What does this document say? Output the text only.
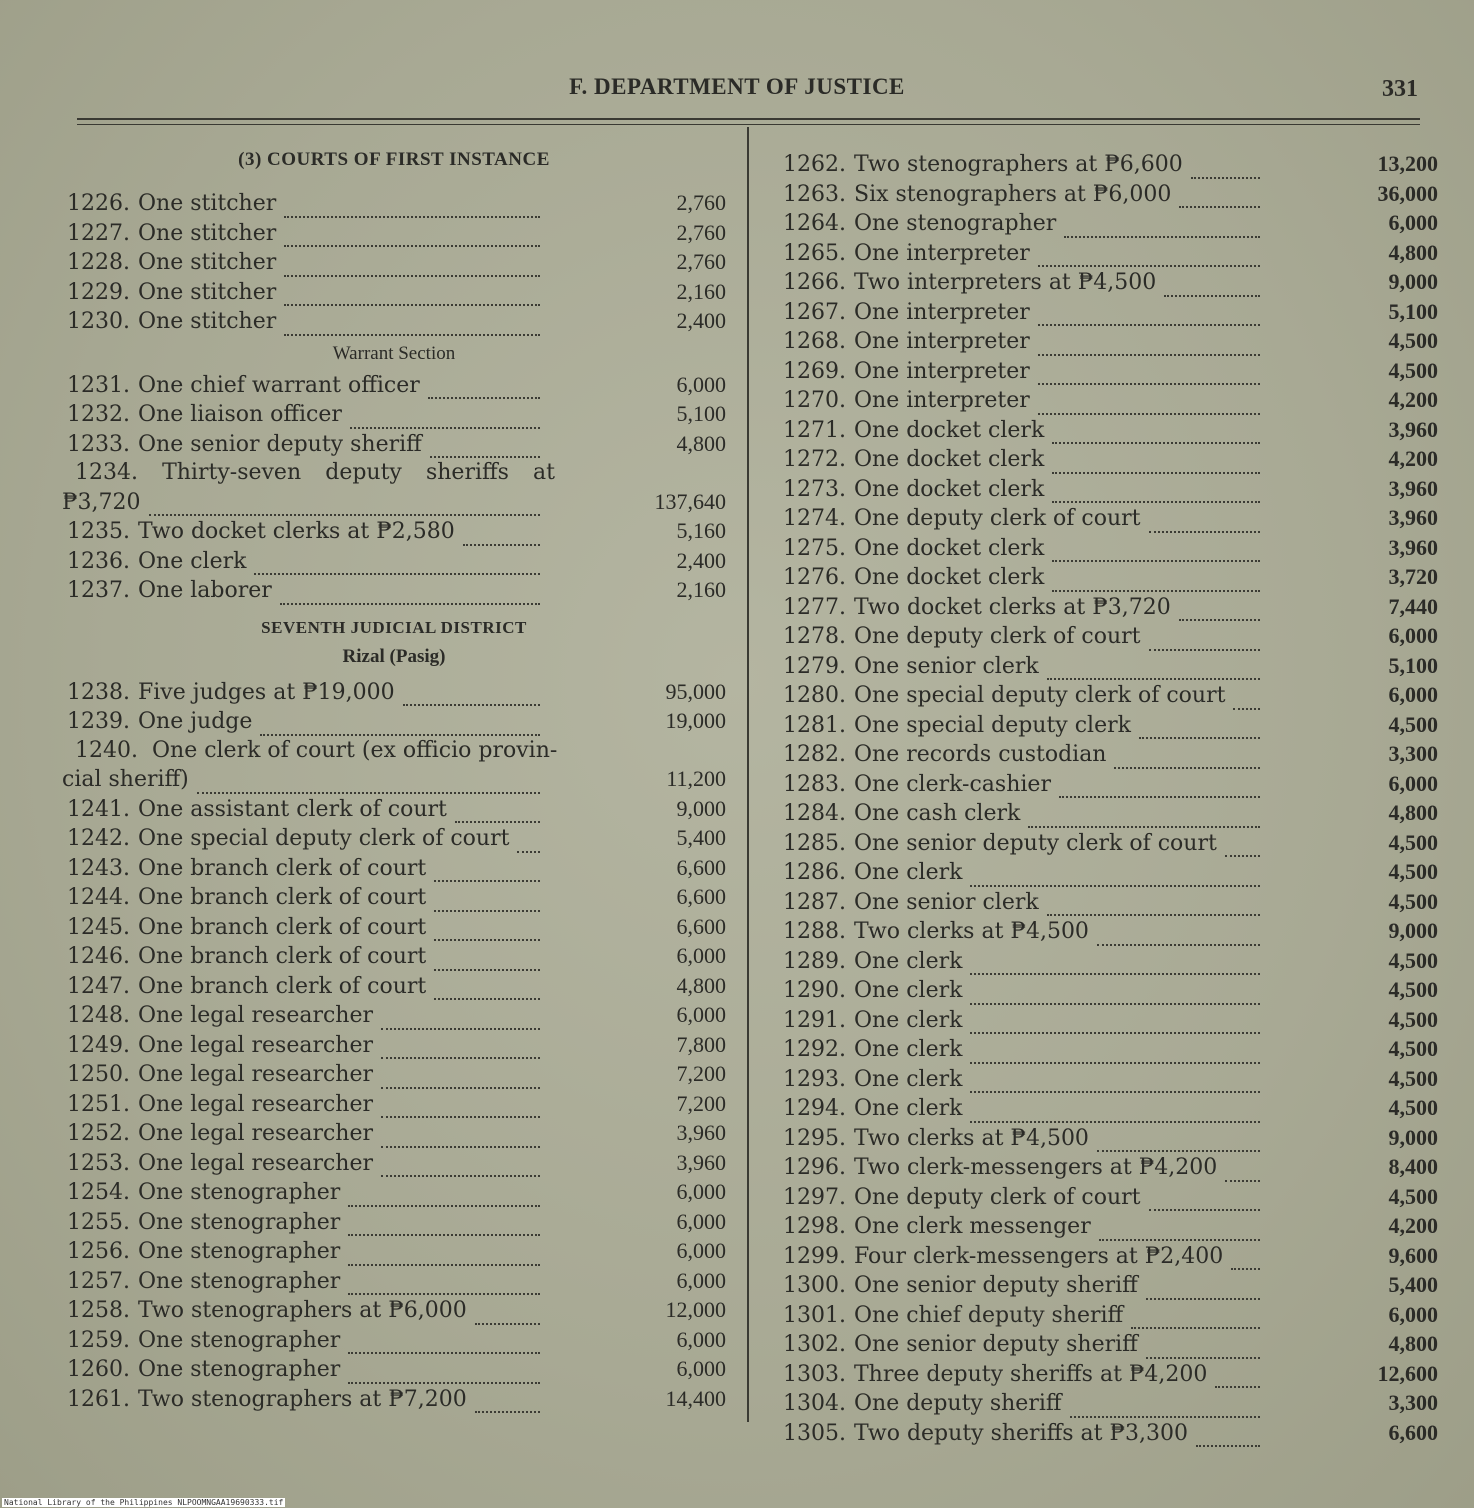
F. DEPARTMENT OF JUSTICE	331
(3) COURTS OF FIRST INSTANCE
1226. One stitcher	2,760
1227. One stitcher	2,760
1228. One stitcher	2,760
1229. One stitcher	2,160
1230. One stitcher	2,400
Warrant Section
1231. One chief warrant officer	6,000
1232. One liaison officer	5,100
1233. One senior deputy sheriff	4,800
1234. Thirty-seven deputy sheriffs at
₱3,720	137,640
1235. Two docket clerks at ₱2,580	5,160
1236. One clerk	2,400
1237. One laborer	2,160
SEVENTH JUDICIAL DISTRICT
Rizal (Pasig)
1238. Five judges at ₱19,000	95,000
1239. One judge	19,000
1240.
One clerk of court (ex officio provin-
cial sheriff)	11,200
1241. One assistant clerk of court	9,000
1242. One special deputy clerk of court	5,400
1243. One branch clerk of court	6,600
1244. One branch clerk of court	6,600
1245. One branch clerk of court	6,600
1246. One branch clerk of court	6,000
1247. One branch clerk of court	4,800
1248. One legal researcher	6,000
1249. One legal researcher	7,800
1250. One legal researcher	7,200
1251. One legal researcher	7,200
1252. One legal researcher	3,960
1253. One legal researcher	3,960
1254. One stenographer	6,000
1255. One stenographer	6,000
1256. One stenographer	6,000
1257. One stenographer	6,000
1258. Two stenographers at ₱6,000	12,000
1259. One stenographer	6,000
1260. One stenographer	6,000
1261. Two stenographers at ₱7,200	14,400
1262. Two stenographers at ₱6,600	13,200
1263. Six stenographers at ₱6,000	36,000
1264. One stenographer	6,000
1265. One interpreter	4,800
1266. Two interpreters at ₱4,500	9,000
1267. One interpreter	5,100
1268. One interpreter	4,500
1269. One interpreter	4,500
1270. One interpreter	4,200
1271. One docket clerk	3,960
1272. One docket clerk	4,200
1273. One docket clerk	3,960
1274. One deputy clerk of court	3,960
1275. One docket clerk	3,960
1276. One docket clerk	3,720
1277. Two docket clerks at ₱3,720	7,440
1278. One deputy clerk of court	6,000
1279. One senior clerk	5,100
1280. One special deputy clerk of court	6,000
1281. One special deputy clerk	4,500
1282. One records custodian	3,300
1283. One clerk-cashier	6,000
1284. One cash clerk	4,800
1285. One senior deputy clerk of court	4,500
1286. One clerk	4,500
1287. One senior clerk	4,500
1288. Two clerks at ₱4,500	9,000
1289. One clerk	4,500
1290. One clerk	4,500
1291. One clerk	4,500
1292. One clerk	4,500
1293. One clerk	4,500
1294. One clerk	4,500
1295. Two clerks at ₱4,500	9,000
1296. Two clerk-messengers at ₱4,200	8,400
1297. One deputy clerk of court	4,500
1298. One clerk messenger	4,200
1299. Four clerk-messengers at ₱2,400	9,600
1300. One senior deputy sheriff	5,400
1301. One chief deputy sheriff	6,000
1302. One senior deputy sheriff	4,800
1303. Three deputy sheriffs at ₱4,200	12,600
1304. One deputy sheriff	3,300
1305. Two deputy sheriffs at ₱3,300	6,600
National Library of the Philippines NLPOOMNGAA19690333.tif
